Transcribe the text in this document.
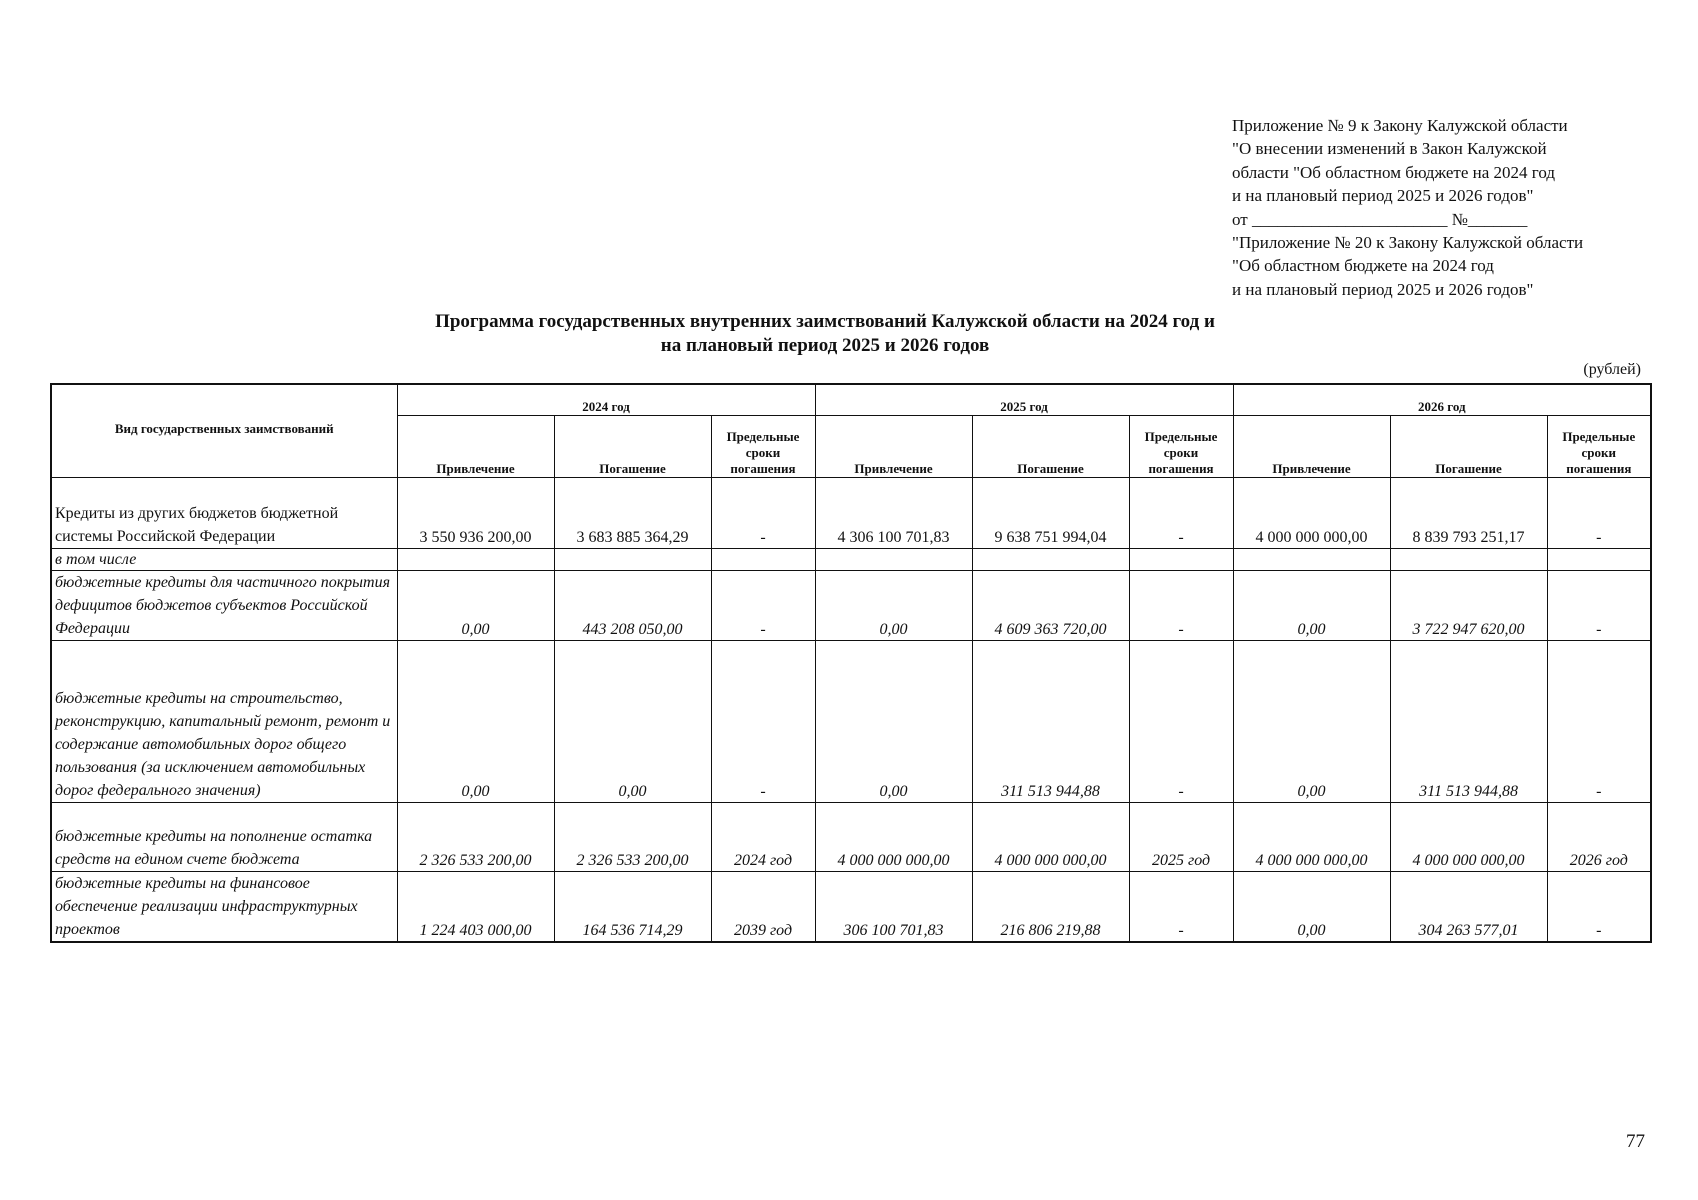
Приложение № 9 к Закону Калужской области
"О внесении изменений в Закон Калужской
области "Об областном бюджете на 2024 год
и на плановый период 2025 и 2026 годов"
от _______________________ №_______
"Приложение № 20 к Закону Калужской области
"Об областном бюджете на 2024 год
и на плановый период 2025 и 2026 годов"
Программа государственных внутренних заимствований Калужской области на 2024 год и
на плановый период 2025 и 2026 годов
(рублей)
Вид государственных заимствований	2024 год			2025 год			2026 год		
	Привлечение	Погашение	Предельные сроки погашения	Привлечение	Погашение	Предельные сроки погашения	Привлечение	Погашение	Предельные сроки погашения
Кредиты из других бюджетов бюджетной системы Российской Федерации	3 550 936 200,00	3 683 885 364,29	-	4 306 100 701,83	9 638 751 994,04	-	4 000 000 000,00	8 839 793 251,17	-
в том числе									
бюджетные кредиты для частичного покрытия дефицитов бюджетов субъектов Российской Федерации	0,00	443 208 050,00	-	0,00	4 609 363 720,00	-	0,00	3 722 947 620,00	-
бюджетные кредиты на строительство, реконструкцию, капитальный ремонт, ремонт и содержание автомобильных дорог общего пользования (за исключением автомобильных дорог федерального значения)	0,00	0,00	-	0,00	311 513 944,88	-	0,00	311 513 944,88	-
бюджетные кредиты на пополнение остатка средств на едином счете бюджета	2 326 533 200,00	2 326 533 200,00	2024 год	4 000 000 000,00	4 000 000 000,00	2025 год	4 000 000 000,00	4 000 000 000,00	2026 год
бюджетные кредиты на финансовое обеспечение реализации инфраструктурных проектов	1 224 403 000,00	164 536 714,29	2039 год	306 100 701,83	216 806 219,88	-	0,00	304 263 577,01	-
77
